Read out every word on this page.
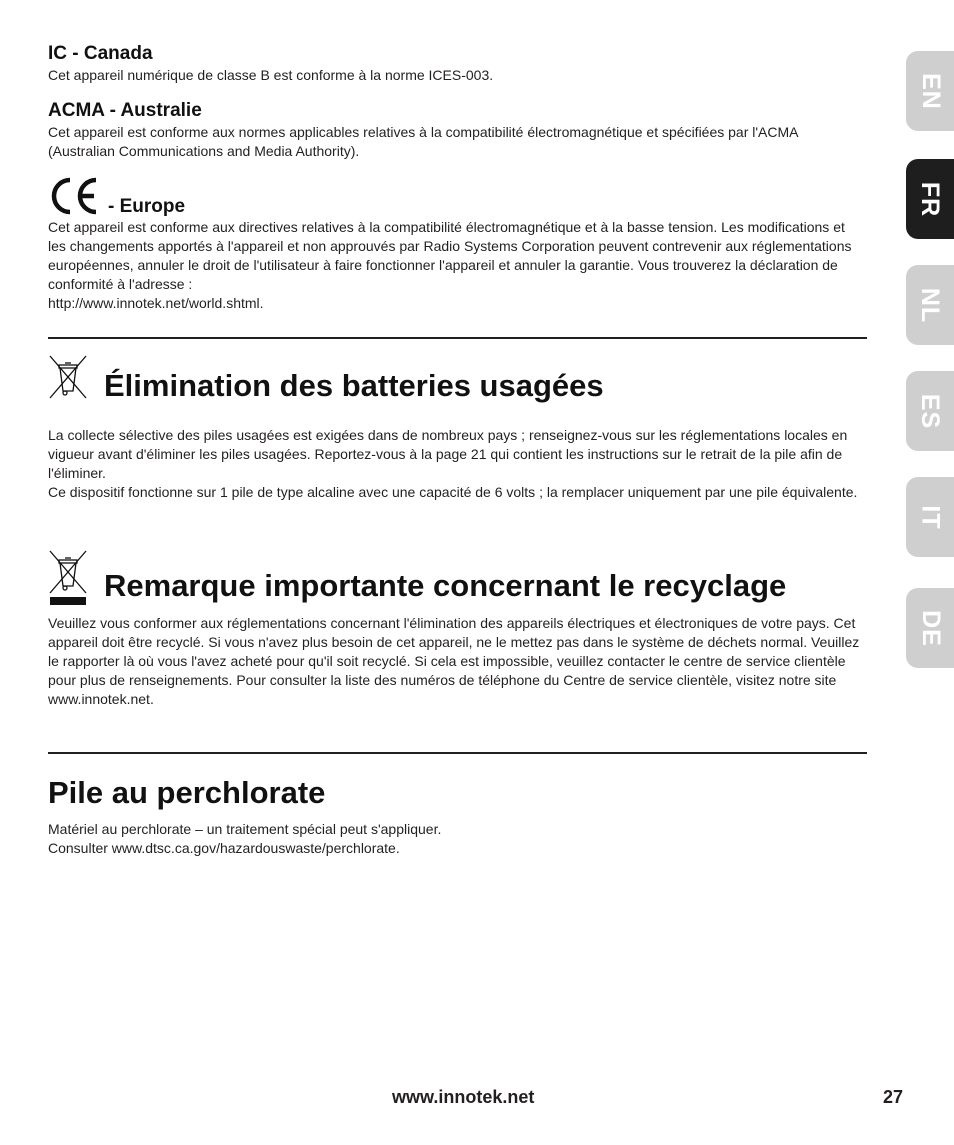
IC - Canada
Cet appareil numérique de classe B est conforme à la norme ICES-003.
ACMA - Australie
Cet appareil est conforme aux normes applicables relatives à la compatibilité électromagnétique et spécifiées par l'ACMA (Australian Communications and Media Authority).
- Europe

Cet appareil est conforme aux directives relatives à la compatibilité électromagnétique et à la basse tension. Les modifications et les changements apportés à l'appareil et non approuvés par Radio Systems Corporation peuvent contrevenir aux réglementations européennes, annuler le droit de l'utilisateur à faire fonctionner l'appareil et annuler la garantie. Vous trouverez la déclaration de conformité à l'adresse :

http://www.innotek.net/world.shtml.

Élimination des batteries usagées

La collecte sélective des piles usagées est exigées dans de nombreux pays ; renseignez-vous sur les réglementations locales en vigueur avant d'éliminer les piles usagées. Reportez-vous à la page 21 qui contient les instructions sur le retrait de la pile afin de l'éliminer.

Ce dispositif fonctionne sur 1 pile de type alcaline avec une capacité de 6 volts ; la remplacer uniquement par une pile équivalente.

Remarque importante concernant le recyclage

Veuillez vous conformer aux réglementations concernant l'élimination des appareils électriques et électroniques de votre pays. Cet appareil doit être recyclé. Si vous n'avez plus besoin de cet appareil, ne le mettez pas dans le système de déchets normal. Veuillez le rapporter là où vous l'avez acheté pour qu'il soit recyclé. Si cela est impossible, veuillez contacter le centre de service clientèle pour plus de renseignements. Pour consulter la liste des numéros de téléphone du Centre de service clientèle, visitez notre site

www.innotek.net.

Pile au perchlorate

Matériel au perchlorate – un traitement spécial peut s'appliquer.

Consulter www.dtsc.ca.gov/hazardouswaste/perchlorate.

EN
FR
NL
ES
IT
DE
www.innotek.net	27
